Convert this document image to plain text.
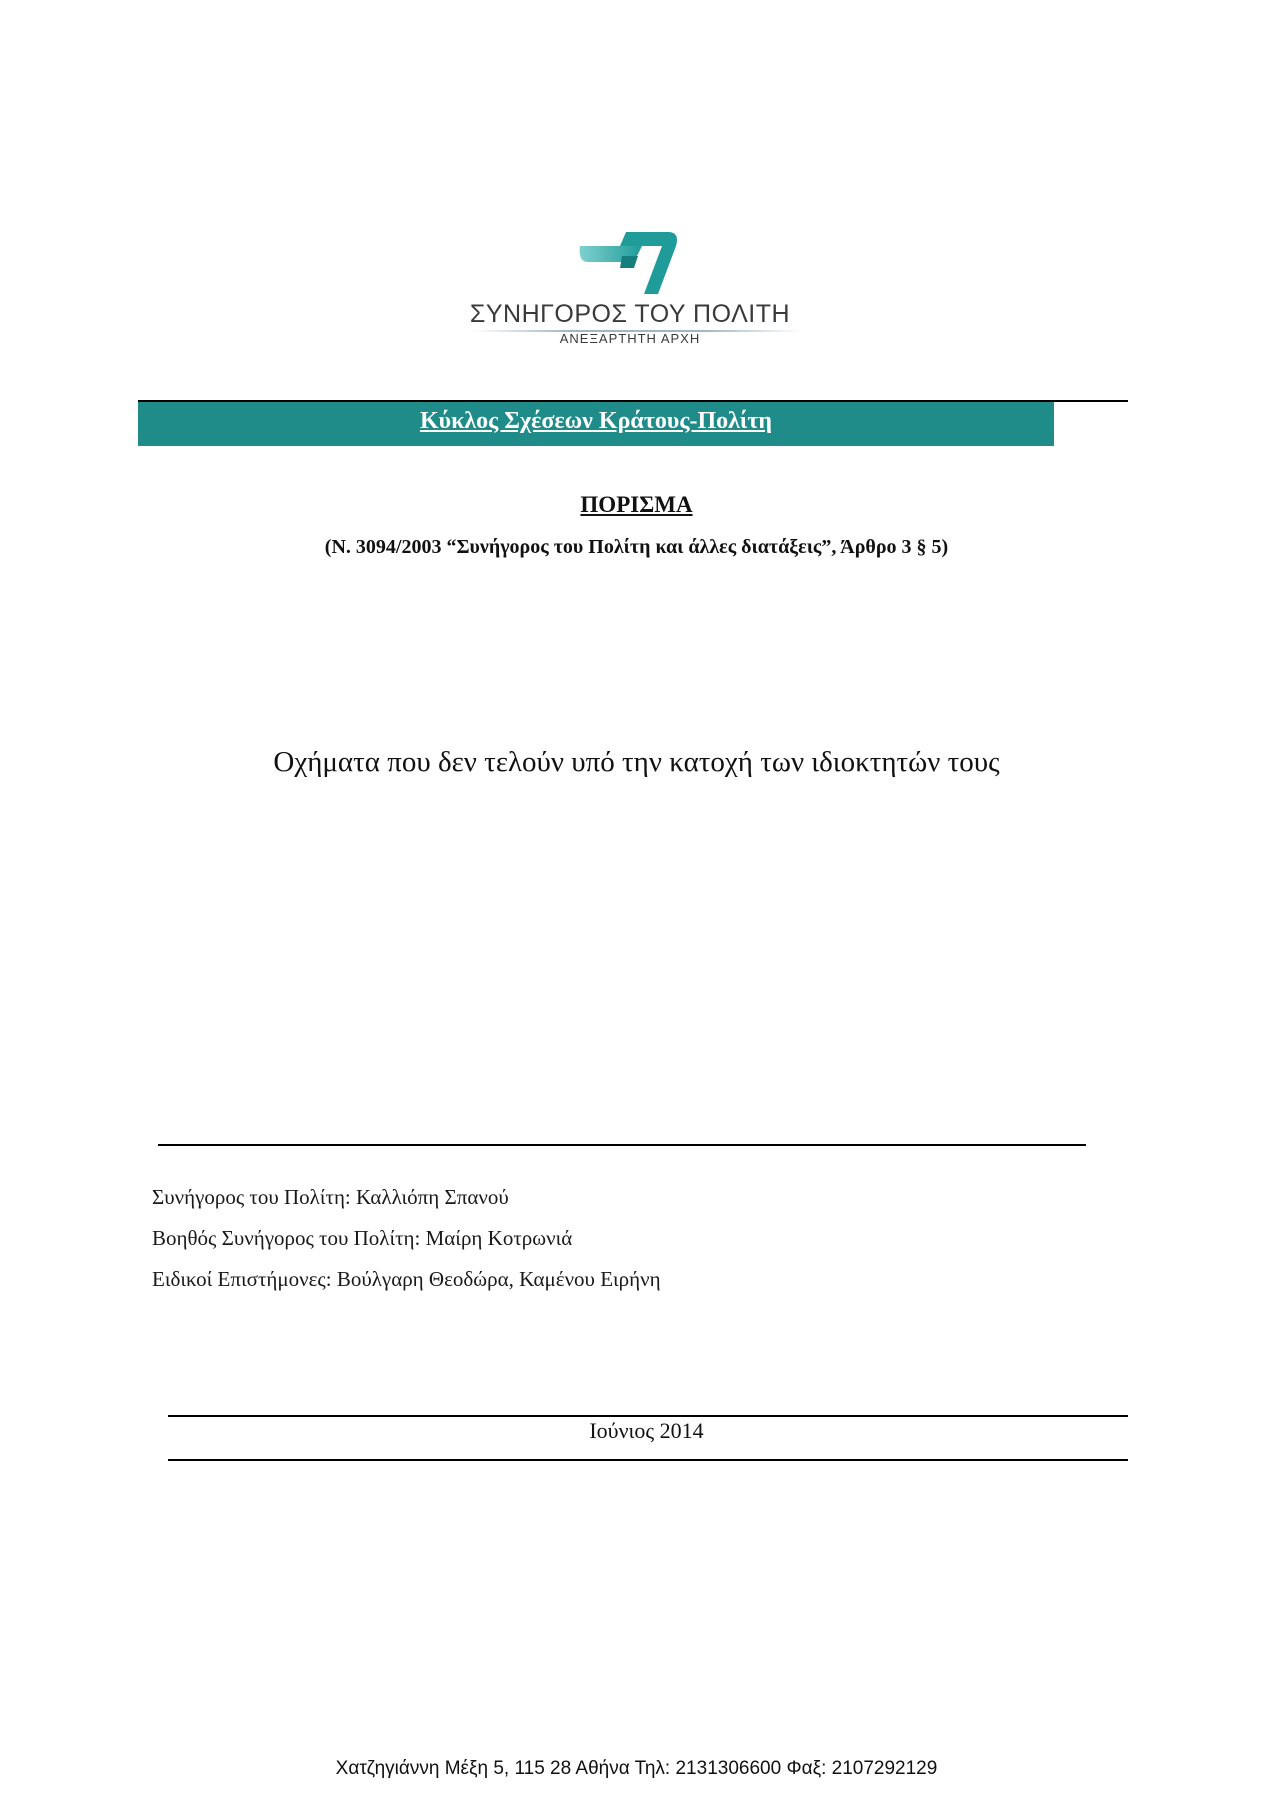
ΣΥΝΗΓΟΡΟΣ ΤΟΥ ΠΟΛΙΤΗ
ΑΝΕΞΑΡΤΗΤΗ ΑΡΧΗ
Κύκλος Σχέσεων Κράτους-Πολίτη
ΠΟΡΙΣΜΑ
(Ν. 3094/2003 “Συνήγορος του Πολίτη και άλλες διατάξεις”, Άρθρο 3 § 5)
Οχήματα που δεν τελούν υπό την κατοχή των ιδιοκτητών τους
Συνήγορος του Πολίτη: Καλλιόπη Σπανού
Βοηθός Συνήγορος του Πολίτη: Μαίρη Κοτρωνιά
Ειδικοί Επιστήμονες: Βούλγαρη Θεοδώρα, Καμένου Ειρήνη
Ιούνιος 2014
Χατζηγιάννη Μέξη 5, 115 28 Αθήνα Τηλ: 2131306600 Φαξ: 2107292129
